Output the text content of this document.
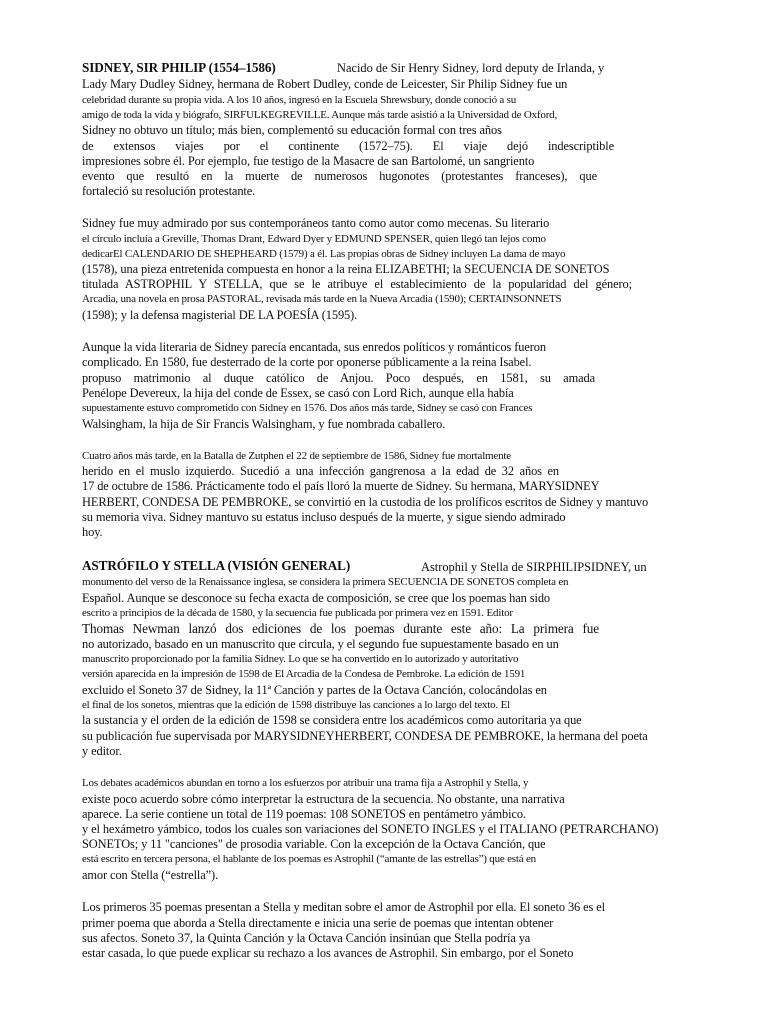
SIDNEY, SIR PHILIP (1554–1586)	Nacido de Sir Henry Sidney, lord deputy de Irlanda, y
Lady Mary Dudley Sidney, hermana de Robert Dudley, conde de Leicester, Sir Philip Sidney fue un
celebridad durante su propia vida. A los 10 años, ingresó en la Escuela Shrewsbury, donde conoció a su
amigo de toda la vida y biógrafo, SIRFULKEGREVILLE. Aunque más tarde asistió a la Universidad de Oxford,
Sidney no obtuvo un título; más bien, complementó su educación formal con tres años
de extensos viajes por el continente (1572–75). El viaje dejó indescriptible
impresiones sobre él. Por ejemplo, fue testigo de la Masacre de san Bartolomé, un sangriento
evento que resultó en la muerte de numerosos hugonotes (protestantes franceses), que
fortaleció su resolución protestante.
Sidney fue muy admirado por sus contemporáneos tanto como autor como mecenas. Su literario
el círculo incluía a Greville, Thomas Drant, Edward Dyer y EDMUND SPENSER, quien llegó tan lejos como
dedicarEl CALENDARIO DE SHEPHEARD (1579) a él. Las propias obras de Sidney incluyen La dama de mayo
(1578), una pieza entretenida compuesta en honor a la reina ELIZABETHI; la SECUENCIA DE SONETOS
titulada ASTROPHIL Y STELLA, que se le atribuye el establecimiento de la popularidad del género;
Arcadia, una novela en prosa PASTORAL, revisada más tarde en la Nueva Arcadia (1590); CERTAINSONNETS
(1598); y la defensa magisterial DE LA POESÍA (1595).
Aunque la vida literaria de Sidney parecía encantada, sus enredos políticos y románticos fueron
complicado. En 1580, fue desterrado de la corte por oponerse públicamente a la reina Isabel.
propuso matrimonio al duque católico de Anjou. Poco después, en 1581, su amada
Penélope Devereux, la hija del conde de Essex, se casó con Lord Rich, aunque ella había
supuestamente estuvo comprometido con Sidney en 1576. Dos años más tarde, Sidney se casó con Frances
Walsingham, la hija de Sir Francis Walsingham, y fue nombrada caballero.
Cuatro años más tarde, en la Batalla de Zutphen el 22 de septiembre de 1586, Sidney fue mortalmente
herido en el muslo izquierdo. Sucedió a una infección gangrenosa a la edad de 32 años en
17 de octubre de 1586. Prácticamente todo el país lloró la muerte de Sidney. Su hermana, MARYSIDNEY
HERBERT, CONDESA DE PEMBROKE, se convirtió en la custodia de los prolíficos escritos de Sidney y mantuvo
su memoria viva. Sidney mantuvo su estatus incluso después de la muerte, y sigue siendo admirado
hoy.
ASTRÓFILO Y STELLA (VISIÓN GENERAL)	Astrophil y Stella de SIRPHILIPSIDNEY, un
monumento del verso de la Renaissance inglesa, se considera la primera SECUENCIA DE SONETOS completa en
Español. Aunque se desconoce su fecha exacta de composición, se cree que los poemas han sido
escrito a principios de la década de 1580, y la secuencia fue publicada por primera vez en 1591. Editor
Thomas Newman lanzó dos ediciones de los poemas durante este año: La primera fue
no autorizado, basado en un manuscrito que circula, y el segundo fue supuestamente basado en un
manuscrito proporcionado por la familia Sidney. Lo que se ha convertido en lo autorizado y autoritativo
versión aparecida en la impresión de 1598 de El Arcadia de la Condesa de Pembroke. La edición de 1591
excluido el Soneto 37 de Sidney, la 11ª Canción y partes de la Octava Canción, colocándolas en
el final de los sonetos, mientras que la edición de 1598 distribuye las canciones a lo largo del texto. El
la sustancia y el orden de la edición de 1598 se considera entre los académicos como autoritaria ya que
su publicación fue supervisada por MARYSIDNEYHERBERT, CONDESA DE PEMBROKE, la hermana del poeta
y editor.
Los debates académicos abundan en torno a los esfuerzos por atribuir una trama fija a Astrophil y Stella, y
existe poco acuerdo sobre cómo interpretar la estructura de la secuencia. No obstante, una narrativa
aparece. La serie contiene un total de 119 poemas: 108 SONETOS en pentámetro yámbico.
y el hexámetro yámbico, todos los cuales son variaciones del SONETO INGLES y el ITALIANO (PETRARCHANO)
SONETOs; y 11 "canciones" de prosodia variable. Con la excepción de la Octava Canción, que
está escrito en tercera persona, el hablante de los poemas es Astrophil (“amante de las estrellas”) que está en
amor con Stella (“estrella”).
Los primeros 35 poemas presentan a Stella y meditan sobre el amor de Astrophil por ella. El soneto 36 es el
primer poema que aborda a Stella directamente e inicia una serie de poemas que intentan obtener
sus afectos. Soneto 37, la Quinta Canción y la Octava Canción insinúan que Stella podría ya
estar casada, lo que puede explicar su rechazo a los avances de Astrophil. Sin embargo, por el Soneto
